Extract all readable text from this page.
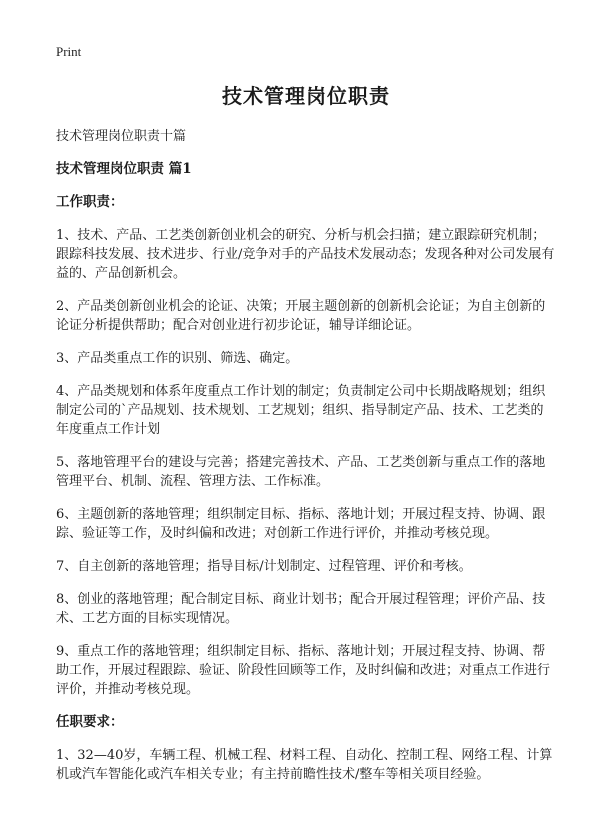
Print
技术管理岗位职责

技术管理岗位职责十篇

技术管理岗位职责 篇1

工作职责：

1、技术、产品、工艺类创新创业机会的研究、分析与机会扫描；建立跟踪研究机制；跟踪科技发展、技术进步、行业/竞争对手的产品技术发展动态；发现各种对公司发展有益的、产品创新机会。

2、产品类创新创业机会的论证、决策；开展主题创新的创新机会论证；为自主创新的论证分析提供帮助；配合对创业进行初步论证，辅导详细论证。

3、产品类重点工作的识别、筛选、确定。

4、产品类规划和体系年度重点工作计划的制定；负责制定公司中长期战略规划；组织制定公司的`产品规划、技术规划、工艺规划；组织、指导制定产品、技术、工艺类的年度重点工作计划

5、落地管理平台的建设与完善；搭建完善技术、产品、工艺类创新与重点工作的落地管理平台、机制、流程、管理方法、工作标准。

6、主题创新的落地管理；组织制定目标、指标、落地计划；开展过程支持、协调、跟踪、验证等工作，及时纠偏和改进；对创新工作进行评价，并推动考核兑现。

7、自主创新的落地管理；指导目标/计划制定、过程管理、评价和考核。

8、创业的落地管理；配合制定目标、商业计划书；配合开展过程管理；评价产品、技术、工艺方面的目标实现情况。

9、重点工作的落地管理；组织制定目标、指标、落地计划；开展过程支持、协调、帮助工作，开展过程跟踪、验证、阶段性回顾等工作，及时纠偏和改进；对重点工作进行评价，并推动考核兑现。

任职要求：

1、32—40岁，车辆工程、机械工程、材料工程、自动化、控制工程、网络工程、计算机或汽车智能化或汽车相关专业；有主持前瞻性技术/整车等相关项目经验。
